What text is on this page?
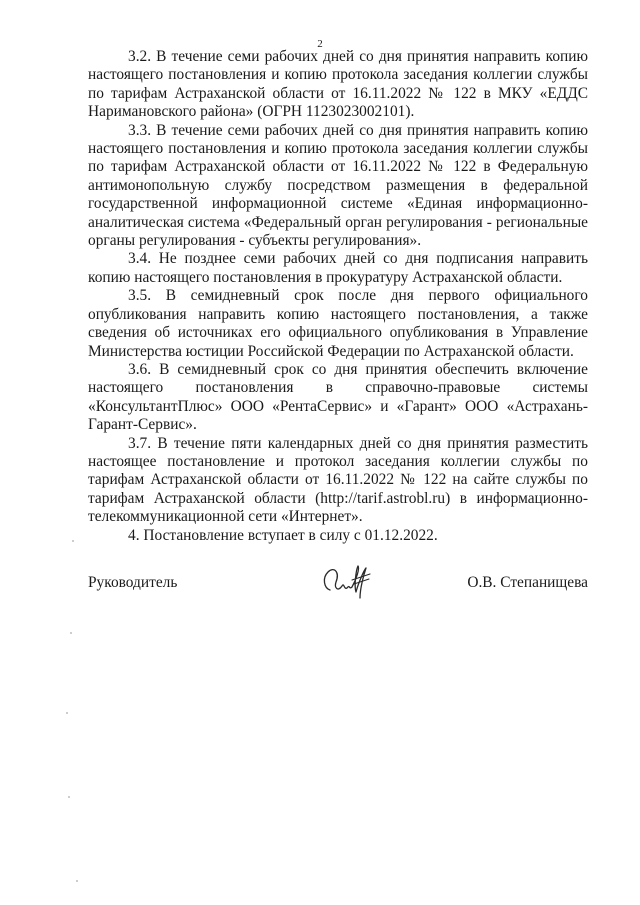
2

3.2. В течение семи рабочих дней со дня принятия направить копию настоящего постановления и копию протокола заседания коллегии службы по тарифам Астраханской области от 16.11.2022 № 122 в МКУ «ЕДДС Наримановского района» (ОГРН 1123023002101).

3.3. В течение семи рабочих дней со дня принятия направить копию настоящего постановления и копию протокола заседания коллегии службы по тарифам Астраханской области от 16.11.2022 № 122 в Федеральную антимонопольную службу посредством размещения в федеральной государственной информационной системе «Единая информационно-аналитическая система «Федеральный орган регулирования - региональные органы регулирования - субъекты регулирования».

3.4. Не позднее семи рабочих дней со дня подписания направить копию настоящего постановления в прокуратуру Астраханской области.

3.5. В семидневный срок после дня первого официального опубликования направить копию настоящего постановления, а также сведения об источниках его официального опубликования в Управление Министерства юстиции Российской Федерации по Астраханской области.

3.6. В семидневный срок со дня принятия обеспечить включение настоящего постановления в справочно-правовые системы «КонсультантПлюс» ООО «РентаСервис» и «Гарант» ООО «Астрахань-Гарант-Сервис».

3.7. В течение пяти календарных дней со дня принятия разместить настоящее постановление и протокол заседания коллегии службы по тарифам Астраханской области от 16.11.2022 № 122 на сайте службы по тарифам Астраханской области (http://tarif.astrobl.ru) в информационно-телекоммуникационной сети «Интернет».

4. Постановление вступает в силу с 01.12.2022.

Руководитель	О.В. Степанищева
